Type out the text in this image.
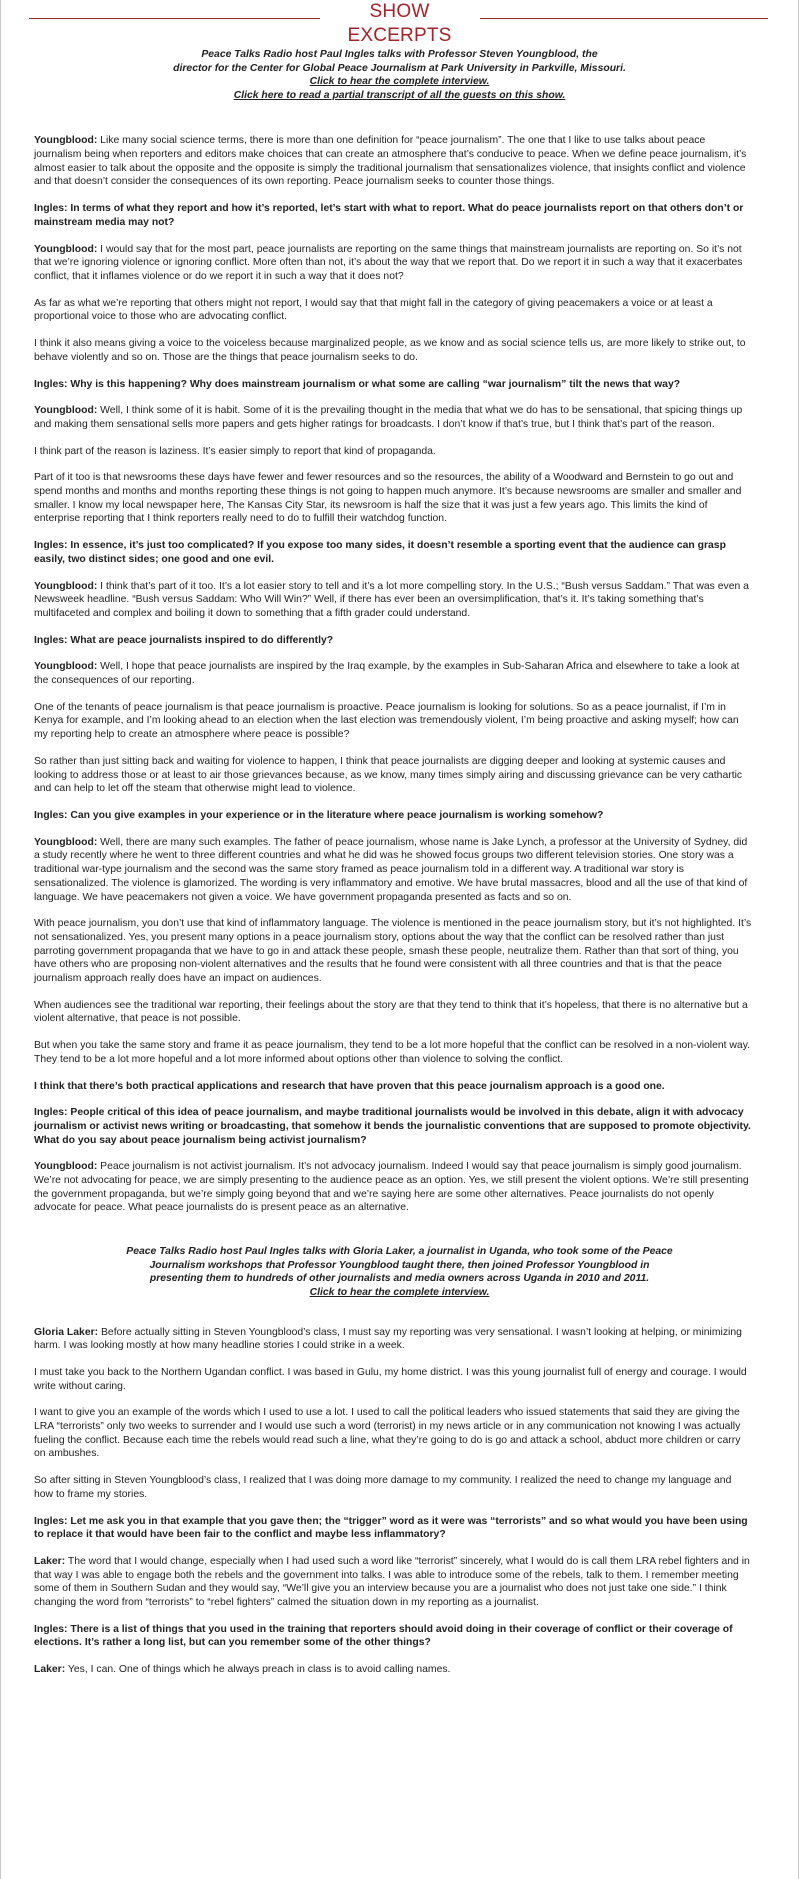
SHOW EXCERPTS
Peace Talks Radio host Paul Ingles talks with Professor Steven Youngblood, the
director for the Center for Global Peace Journalism at Park University in Parkville, Missouri.
Click to hear the complete interview.
Click here to read a partial transcript of all the guests on this show.

Youngblood: Like many social science terms, there is more than one definition for “peace journalism”. The one that I like to use talks about peace journalism being when reporters and editors make choices that can create an atmosphere that’s conducive to peace. When we define peace journalism, it’s almost easier to talk about the opposite and the opposite is simply the traditional journalism that sensationalizes violence, that insights conflict and violence and that doesn’t consider the consequences of its own reporting. Peace journalism seeks to counter those things.

Ingles: In terms of what they report and how it’s reported, let’s start with what to report. What do peace journalists report on that others don’t or mainstream media may not?

Youngblood: I would say that for the most part, peace journalists are reporting on the same things that mainstream journalists are reporting on. So it’s not that we’re ignoring violence or ignoring conflict. More often than not, it’s about the way that we report that. Do we report it in such a way that it exacerbates conflict, that it inflames violence or do we report it in such a way that it does not?

As far as what we’re reporting that others might not report, I would say that that might fall in the category of giving peacemakers a voice or at least a proportional voice to those who are advocating conflict.

I think it also means giving a voice to the voiceless because marginalized people, as we know and as social science tells us, are more likely to strike out, to behave violently and so on. Those are the things that peace journalism seeks to do.

Ingles: Why is this happening? Why does mainstream journalism or what some are calling “war journalism” tilt the news that way?

Youngblood: Well, I think some of it is habit. Some of it is the prevailing thought in the media that what we do has to be sensational, that spicing things up and making them sensational sells more papers and gets higher ratings for broadcasts. I don’t know if that’s true, but I think that’s part of the reason.

I think part of the reason is laziness. It’s easier simply to report that kind of propaganda.

Part of it too is that newsrooms these days have fewer and fewer resources and so the resources, the ability of a Woodward and Bernstein to go out and spend months and months and months reporting these things is not going to happen much anymore. It’s because newsrooms are smaller and smaller and smaller. I know my local newspaper here, The Kansas City Star, its newsroom is half the size that it was just a few years ago. This limits the kind of enterprise reporting that I think reporters really need to do to fulfill their watchdog function.

Ingles: In essence, it’s just too complicated? If you expose too many sides, it doesn’t resemble a sporting event that the audience can grasp easily, two distinct sides; one good and one evil.

Youngblood: I think that’s part of it too. It’s a lot easier story to tell and it’s a lot more compelling story. In the U.S.; “Bush versus Saddam.” That was even a Newsweek headline. “Bush versus Saddam: Who Will Win?” Well, if there has ever been an oversimplification, that’s it. It’s taking something that’s multifaceted and complex and boiling it down to something that a fifth grader could understand.

Ingles: What are peace journalists inspired to do differently?

Youngblood: Well, I hope that peace journalists are inspired by the Iraq example, by the examples in Sub-Saharan Africa and elsewhere to take a look at the consequences of our reporting.

One of the tenants of peace journalism is that peace journalism is proactive. Peace journalism is looking for solutions. So as a peace journalist, if I’m in Kenya for example, and I’m looking ahead to an election when the last election was tremendously violent, I’m being proactive and asking myself; how can my reporting help to create an atmosphere where peace is possible?

So rather than just sitting back and waiting for violence to happen, I think that peace journalists are digging deeper and looking at systemic causes and looking to address those or at least to air those grievances because, as we know, many times simply airing and discussing grievance can be very cathartic and can help to let off the steam that otherwise might lead to violence.

Ingles: Can you give examples in your experience or in the literature where peace journalism is working somehow?

Youngblood: Well, there are many such examples. The father of peace journalism, whose name is Jake Lynch, a professor at the University of Sydney, did a study recently where he went to three different countries and what he did was he showed focus groups two different television stories. One story was a traditional war-type journalism and the second was the same story framed as peace journalism told in a different way. A traditional war story is sensationalized. The violence is glamorized. The wording is very inflammatory and emotive. We have brutal massacres, blood and all the use of that kind of language. We have peacemakers not given a voice. We have government propaganda presented as facts and so on.

With peace journalism, you don’t use that kind of inflammatory language. The violence is mentioned in the peace journalism story, but it’s not highlighted. It’s not sensationalized. Yes, you present many options in a peace journalism story, options about the way that the conflict can be resolved rather than just parroting government propaganda that we have to go in and attack these people, smash these people, neutralize them. Rather than that sort of thing, you have others who are proposing non-violent alternatives and the results that he found were consistent with all three countries and that is that the peace journalism approach really does have an impact on audiences.

When audiences see the traditional war reporting, their feelings about the story are that they tend to think that it’s hopeless, that there is no alternative but a violent alternative, that peace is not possible.

But when you take the same story and frame it as peace journalism, they tend to be a lot more hopeful that the conflict can be resolved in a non-violent way. They tend to be a lot more hopeful and a lot more informed about options other than violence to solving the conflict.

I think that there’s both practical applications and research that have proven that this peace journalism approach is a good one.

Ingles: People critical of this idea of peace journalism, and maybe traditional journalists would be involved in this debate, align it with advocacy journalism or activist news writing or broadcasting, that somehow it bends the journalistic conventions that are supposed to promote objectivity. What do you say about peace journalism being activist journalism?

Youngblood: Peace journalism is not activist journalism. It’s not advocacy journalism. Indeed I would say that peace journalism is simply good journalism. We’re not advocating for peace, we are simply presenting to the audience peace as an option. Yes, we still present the violent options. We’re still presenting the government propaganda, but we’re simply going beyond that and we’re saying here are some other alternatives. Peace journalists do not openly advocate for peace. What peace journalists do is present peace as an alternative.

Peace Talks Radio host Paul Ingles talks with Gloria Laker, a journalist in Uganda, who took some of the Peace
Journalism workshops that Professor Youngblood taught there, then joined Professor Youngblood in
presenting them to hundreds of other journalists and media owners across Uganda in 2010 and 2011.
Click to hear the complete interview.

Gloria Laker: Before actually sitting in Steven Youngblood’s class, I must say my reporting was very sensational. I wasn’t looking at helping, or minimizing harm. I was looking mostly at how many headline stories I could strike in a week.

I must take you back to the Northern Ugandan conflict. I was based in Gulu, my home district. I was this young journalist full of energy and courage. I would write without caring.

I want to give you an example of the words which I used to use a lot. I used to call the political leaders who issued statements that said they are giving the LRA “terrorists” only two weeks to surrender and I would use such a word (terrorist) in my news article or in any communication not knowing I was actually fueling the conflict. Because each time the rebels would read such a line, what they’re going to do is go and attack a school, abduct more children or carry on ambushes.

So after sitting in Steven Youngblood’s class, I realized that I was doing more damage to my community. I realized the need to change my language and how to frame my stories.

Ingles: Let me ask you in that example that you gave then; the “trigger” word as it were was “terrorists” and so what would you have been using to replace it that would have been fair to the conflict and maybe less inflammatory?

Laker: The word that I would change, especially when I had used such a word like “terrorist” sincerely, what I would do is call them LRA rebel fighters and in that way I was able to engage both the rebels and the government into talks. I was able to introduce some of the rebels, talk to them. I remember meeting some of them in Southern Sudan and they would say, “We’ll give you an interview because you are a journalist who does not just take one side.” I think changing the word from “terrorists” to “rebel fighters” calmed the situation down in my reporting as a journalist.

Ingles: There is a list of things that you used in the training that reporters should avoid doing in their coverage of conflict or their coverage of elections. It’s rather a long list, but can you remember some of the other things?

Laker: Yes, I can. One of things which he always preach in class is to avoid calling names.
